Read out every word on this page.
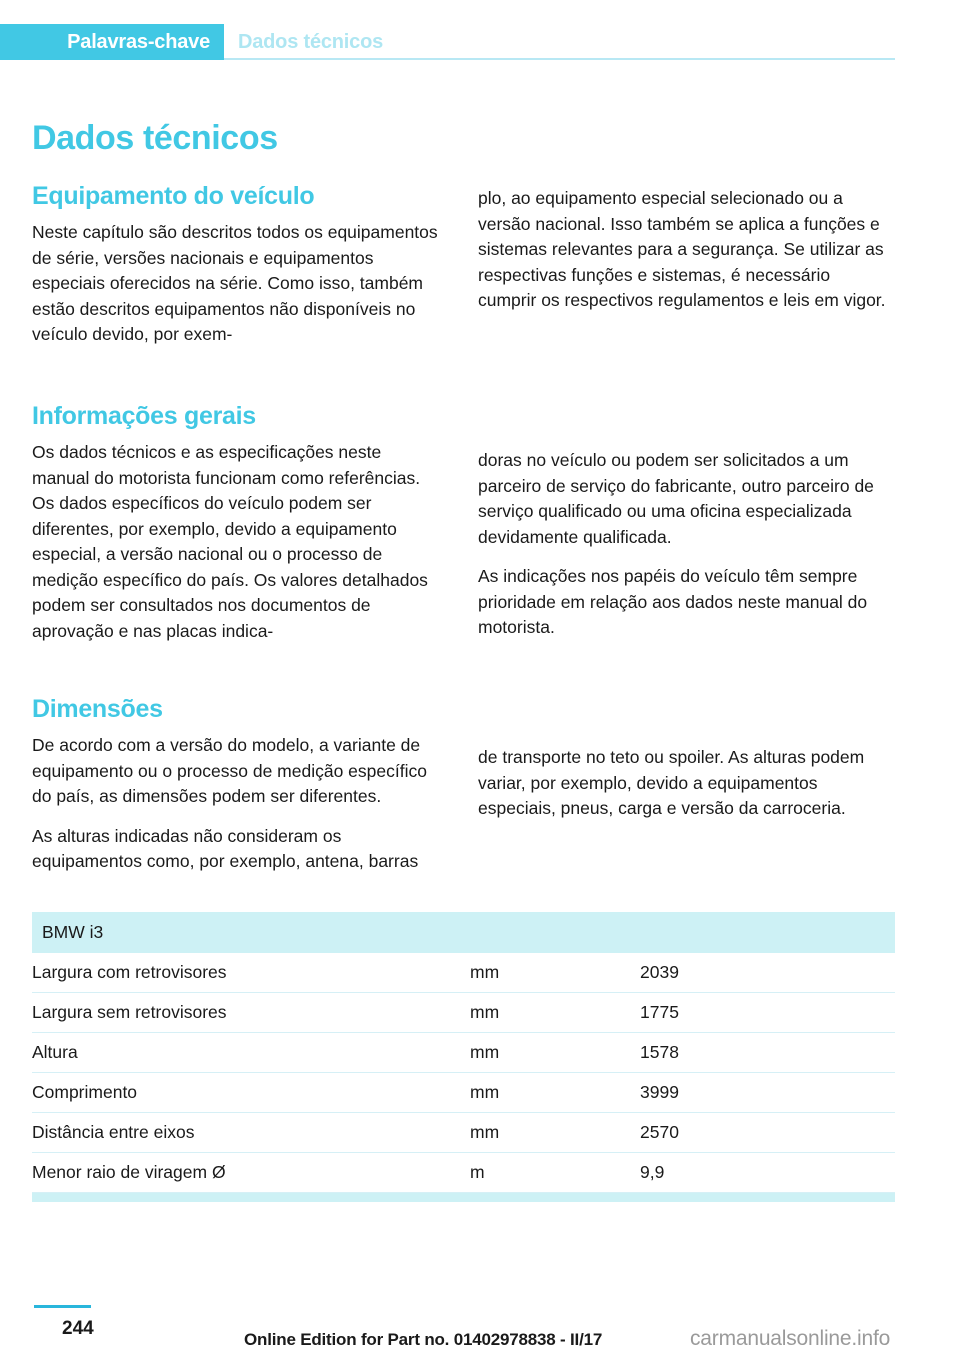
Palavras-chave Dados técnicos
Dados técnicos
Equipamento do veículo

Neste capítulo são descritos todos os equipamentos de série, versões nacionais e equipamentos especiais oferecidos na série. Como isso, também estão descritos equipamentos não disponíveis no veículo devido, por exem-

plo, ao equipamento especial selecionado ou a versão nacional. Isso também se aplica a funções e sistemas relevantes para a segurança. Se utilizar as respectivas funções e sistemas, é necessário cumprir os respectivos regulamentos e leis em vigor.

Informações gerais

Os dados técnicos e as especificações neste manual do motorista funcionam como referências. Os dados específicos do veículo podem ser diferentes, por exemplo, devido a equipamento especial, a versão nacional ou o processo de medição específico do país. Os valores detalhados podem ser consultados nos documentos de aprovação e nas placas indica-

doras no veículo ou podem ser solicitados a um parceiro de serviço do fabricante, outro parceiro de serviço qualificado ou uma oficina especializada devidamente qualificada.

As indicações nos papéis do veículo têm sempre prioridade em relação aos dados neste manual do motorista.

Dimensões

De acordo com a versão do modelo, a variante de equipamento ou o processo de medição específico do país, as dimensões podem ser diferentes.

As alturas indicadas não consideram os equipamentos como, por exemplo, antena, barras

de transporte no teto ou spoiler. As alturas podem variar, por exemplo, devido a equipamentos especiais, pneus, carga e versão da carroceria.

BMW i3		
Largura com retrovisores	mm	2039
Largura sem retrovisores	mm	1775
Altura	mm	1578
Comprimento	mm	3999
Distância entre eixos	mm	2570
Menor raio de viragem Ø	m	9,9

244
Online Edition for Part no. 01402978838 - II/17	carmanualsonline.info
